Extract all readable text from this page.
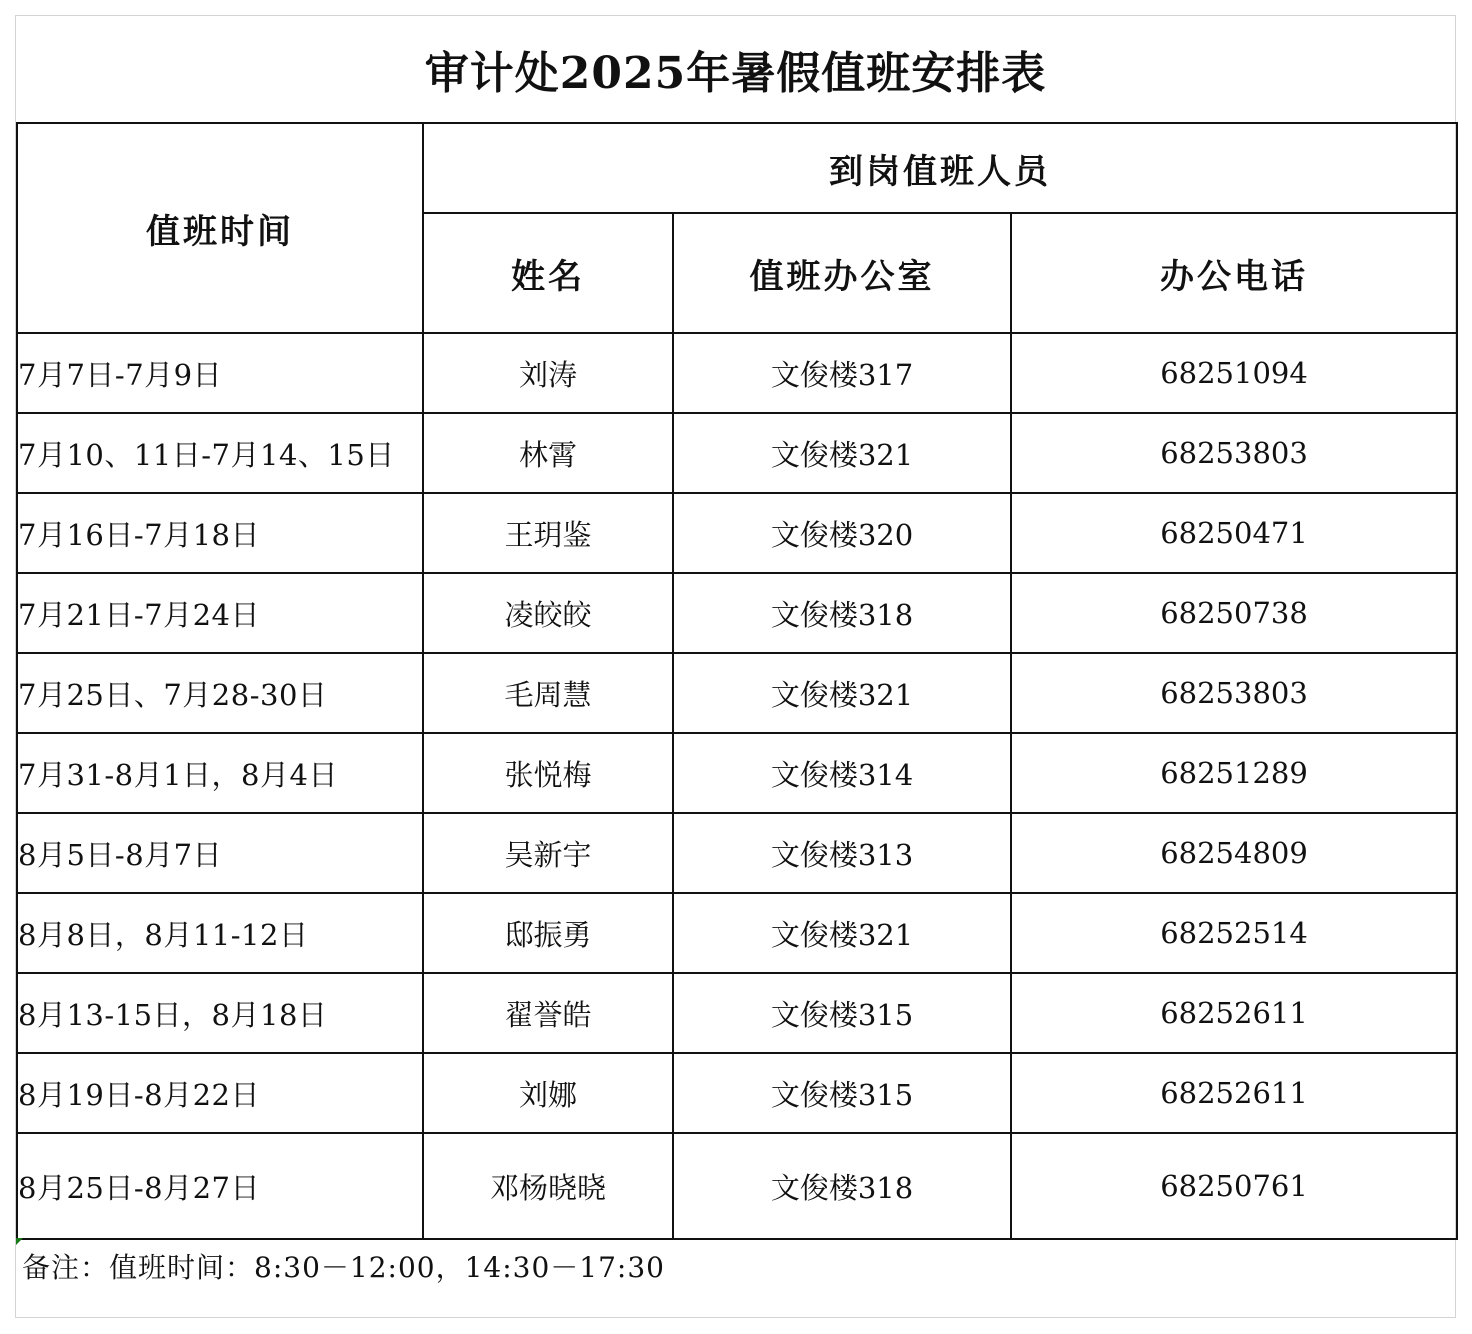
审计处2025年暑假值班安排表
值班时间	到岗值班人员		
	姓名	值班办公室	办公电话
7月7日-7月9日	刘涛	文俊楼317	68251094
7月10、11日-7月14、15日	林霄	文俊楼321	68253803
7月16日-7月18日	王玥鉴	文俊楼320	68250471
7月21日-7月24日	凌皎皎	文俊楼318	68250738
7月25日、7月28-30日	毛周慧	文俊楼321	68253803
7月31-8月1日，8月4日	张悦梅	文俊楼314	68251289
8月5日-8月7日	吴新宇	文俊楼313	68254809
8月8日，8月11-12日	邸振勇	文俊楼321	68252514
8月13-15日，8月18日	翟誉皓	文俊楼315	68252611
8月19日-8月22日	刘娜	文俊楼315	68252611
8月25日-8月27日	邓杨晓晓	文俊楼318	68250761
备注：值班时间：8:30－12:00，14:30－17:30
